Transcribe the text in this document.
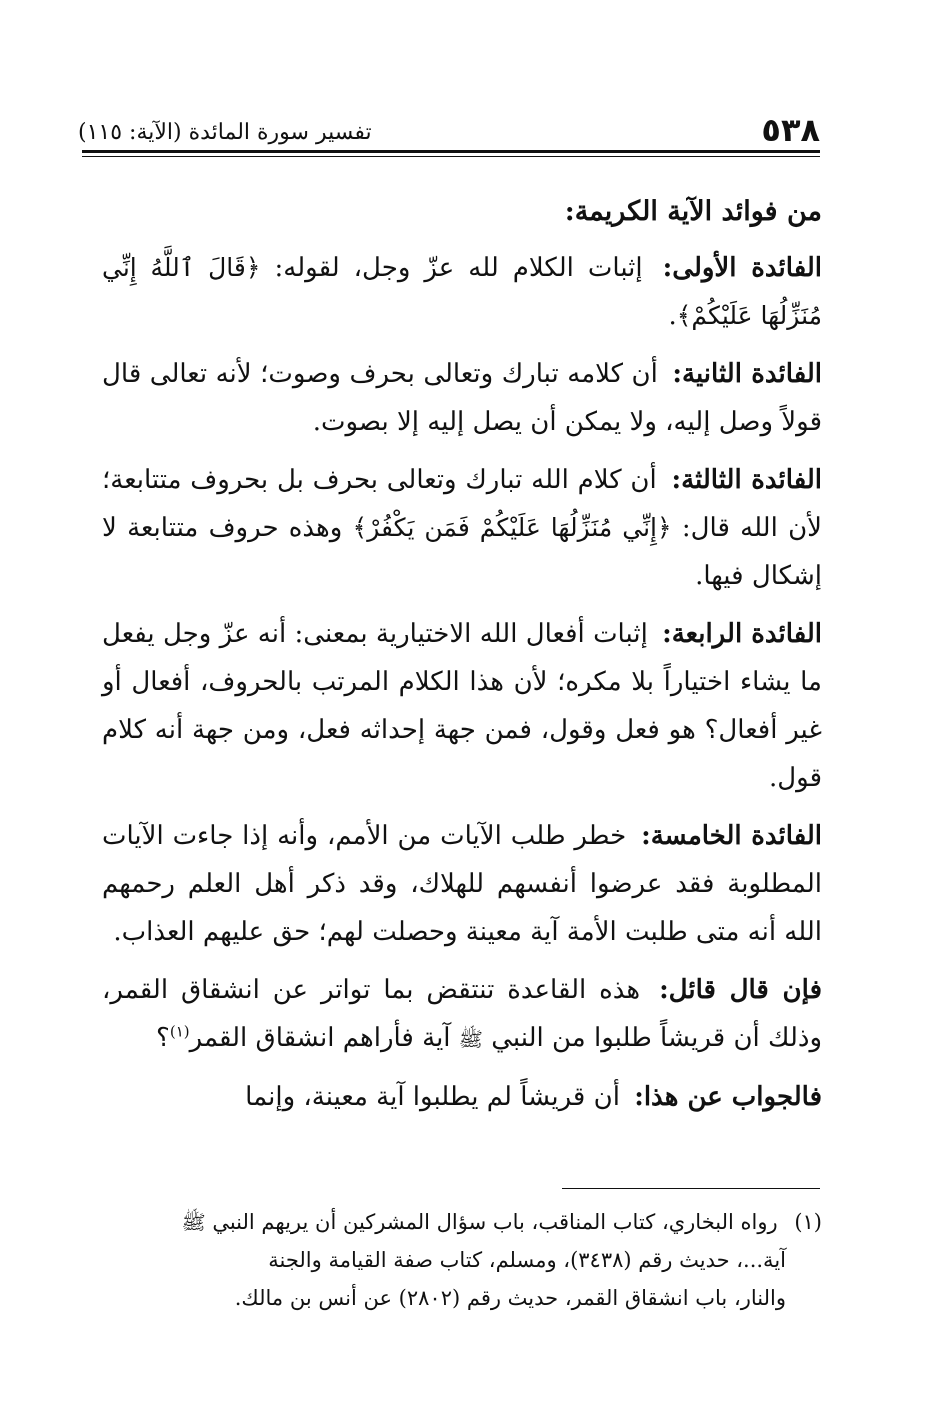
٥٣٨
تفسير سورة المائدة (الآية: ١١٥)

من فوائد الآية الكريمة:

الفائدة الأولى: إثبات الكلام لله عزّ وجل، لقوله: ﴿قَالَ ٱللَّهُ إِنِّي مُنَزِّلُهَا عَلَيْكُمْ﴾.

الفائدة الثانية: أن كلامه تبارك وتعالى بحرف وصوت؛ لأنه تعالى قال قولاً وصل إليه، ولا يمكن أن يصل إليه إلا بصوت.

الفائدة الثالثة: أن كلام الله تبارك وتعالى بحرف بل بحروف متتابعة؛ لأن الله قال: ﴿إِنِّي مُنَزِّلُهَا عَلَيْكُمْ فَمَن يَكْفُرْ﴾ وهذه حروف متتابعة لا إشكال فيها.

الفائدة الرابعة: إثبات أفعال الله الاختيارية بمعنى: أنه عزّ وجل يفعل ما يشاء اختياراً بلا مكره؛ لأن هذا الكلام المرتب بالحروف، أفعال أو غير أفعال؟ هو فعل وقول، فمن جهة إحداثه فعل، ومن جهة أنه كلام قول.

الفائدة الخامسة: خطر طلب الآيات من الأمم، وأنه إذا جاءت الآيات المطلوبة فقد عرضوا أنفسهم للهلاك، وقد ذكر أهل العلم رحمهم الله أنه متى طلبت الأمة آية معينة وحصلت لهم؛ حق عليهم العذاب.

فإن قال قائل: هذه القاعدة تنتقض بما تواتر عن انشقاق القمر، وذلك أن قريشاً طلبوا من النبي ﷺ آية فأراهم انشقاق القمر$^{(١)}$؟

فالجواب عن هذا: أن قريشاً لم يطلبوا آية معينة، وإنما

(١) رواه البخاري، كتاب المناقب، باب سؤال المشركين أن يريهم النبي ﷺ
آية...، حديث رقم (٣٤٣٨)، ومسلم، كتاب صفة القيامة والجنة
والنار، باب انشقاق القمر، حديث رقم (٢٨٠٢) عن أنس بن مالك.
